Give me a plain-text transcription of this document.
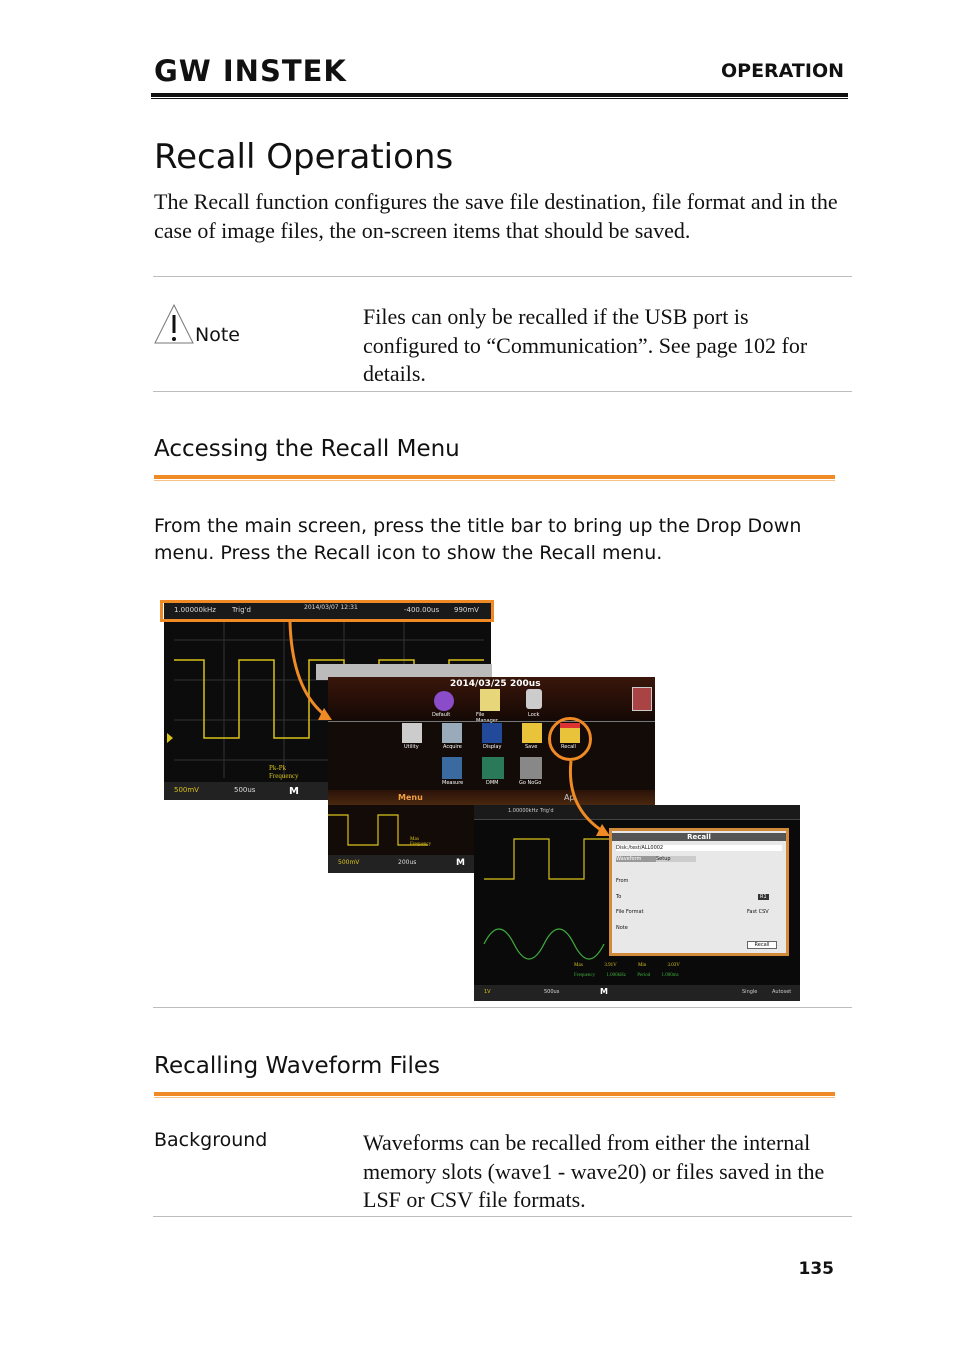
GW INSTEK	OPERATION
Recall Operations

The Recall function configures the save file destination, file format and in the case of image files, the on-screen items that should be saved.

Note

Files can only be recalled if the USB port is configured to “Communication”. See page 102 for details.

Accessing the Recall Menu

From the main screen, press the title bar to bring up the Drop Down menu. Press the Recall icon to show the Recall menu.

1.00000kHz Trig'd	2014/03/07 12:31	-400.00us 990mV
500mV	500us	M
Pk-Pk
Frequency
2014/03/25 200us
Default	File	Lock
Utility	Acquire	Display	Save	Recall
Measure	DMM	Go NoGo
Menu	Ap
Max
Frequency
500mV	200us	M
1.00000kHz Trig'd
Recall
Disk:/test/ALL0002
Waveform	Setup
From
To	R1
File Format	Fast CSV
Note
Recall
Max	3.91V	Min	3.03V
Frequency 1.000kHz Period 1.000ms
1V	500us	M	Single	Autoset
Recalling Waveform Files
Background	Waveforms can be recalled from either the internal memory slots (wave1 - wave20) or files saved in the LSF or CSV file formats.

135
